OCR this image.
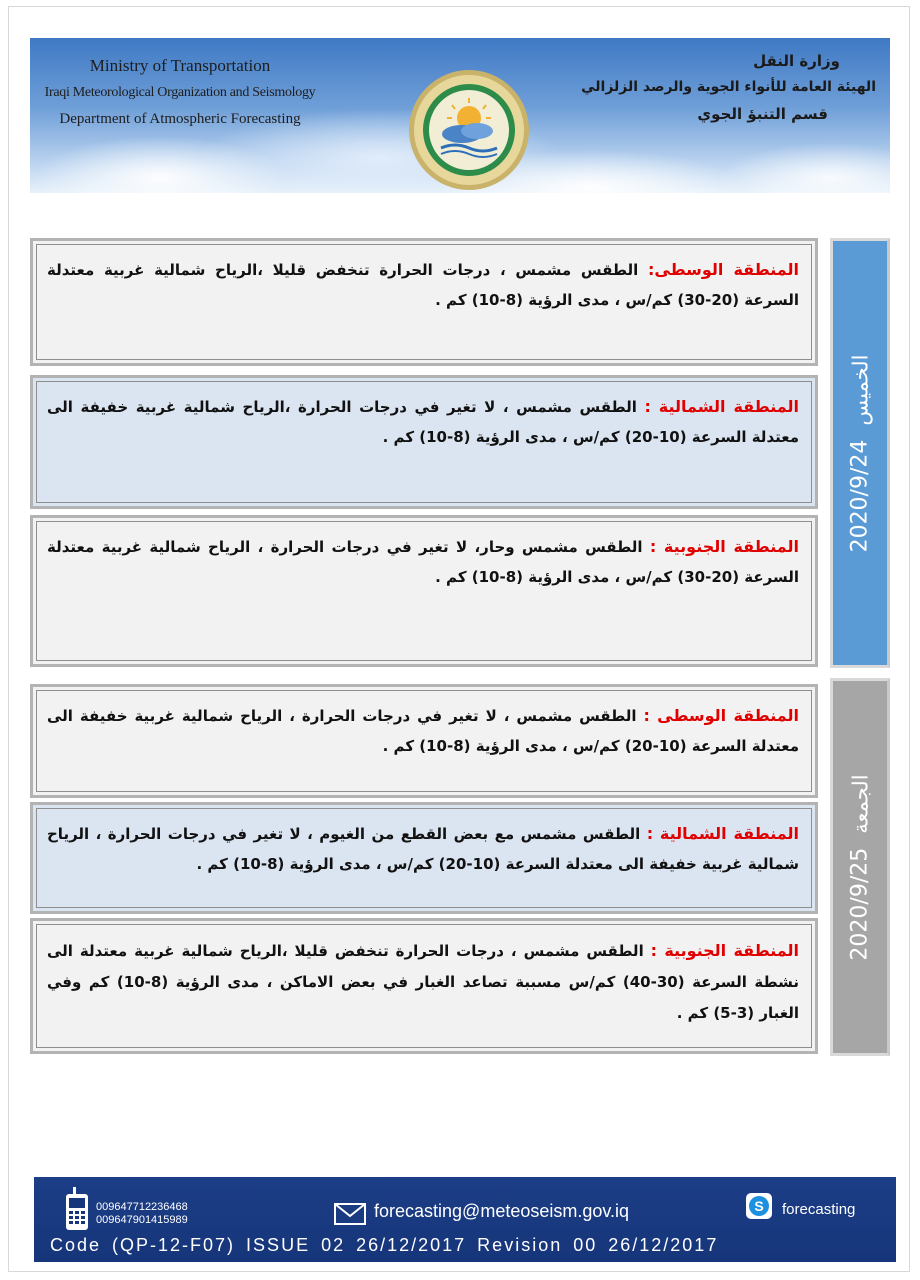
Ministry of Transportation
Iraqi Meteorological Organization and Seismology
Department of Atmospheric Forecasting
وزارة النقل
الهيئة العامة للأنواء الجوية والرصد الزلزالي
قسم التنبؤ الجوي
2020/9/24
الخميس
المنطقة الوسطى: الطقس مشمس ، درجات الحرارة تنخفض قليلا ،الرياح شمالية غربية معتدلة السرعة (20-30) كم/س ، مدى الرؤية (8-10) كم .
المنطقة الشمالية : الطقس مشمس ، لا تغير في درجات الحرارة ،الرياح شمالية غربية خفيفة الى معتدلة السرعة (10-20) كم/س ، مدى الرؤية (8-10) كم .
المنطقة الجنوبية : الطقس مشمس وحار، لا تغير في درجات الحرارة ، الرياح شمالية غربية معتدلة السرعة (20-30) كم/س ، مدى الرؤية (8-10) كم .
2020/9/25
الجمعة
المنطقة الوسطى : الطقس مشمس ، لا تغير في درجات الحرارة ، الرياح شمالية غربية خفيفة الى معتدلة السرعة (10-20) كم/س ، مدى الرؤية (8-10) كم .
المنطقة الشمالية : الطقس مشمس مع بعض القطع من الغيوم ، لا تغير في درجات الحرارة ، الرياح شمالية غربية خفيفة الى معتدلة السرعة (10-20) كم/س ، مدى الرؤية (8-10) كم .
المنطقة الجنوبية : الطقس مشمس ، درجات الحرارة تنخفض قليلا ،الرياح شمالية غربية معتدلة الى نشطة السرعة (30-40) كم/س مسببة تصاعد الغبار في بعض الاماكن ، مدى الرؤية (8-10) كم وفي الغبار (3-5) كم .
009647712236468
009647901415989	forecasting@meteoseism.gov.iq	S forecasting
Code (QP-12-F07) ISSUE 02 26/12/2017 Revision 00 26/12/2017
